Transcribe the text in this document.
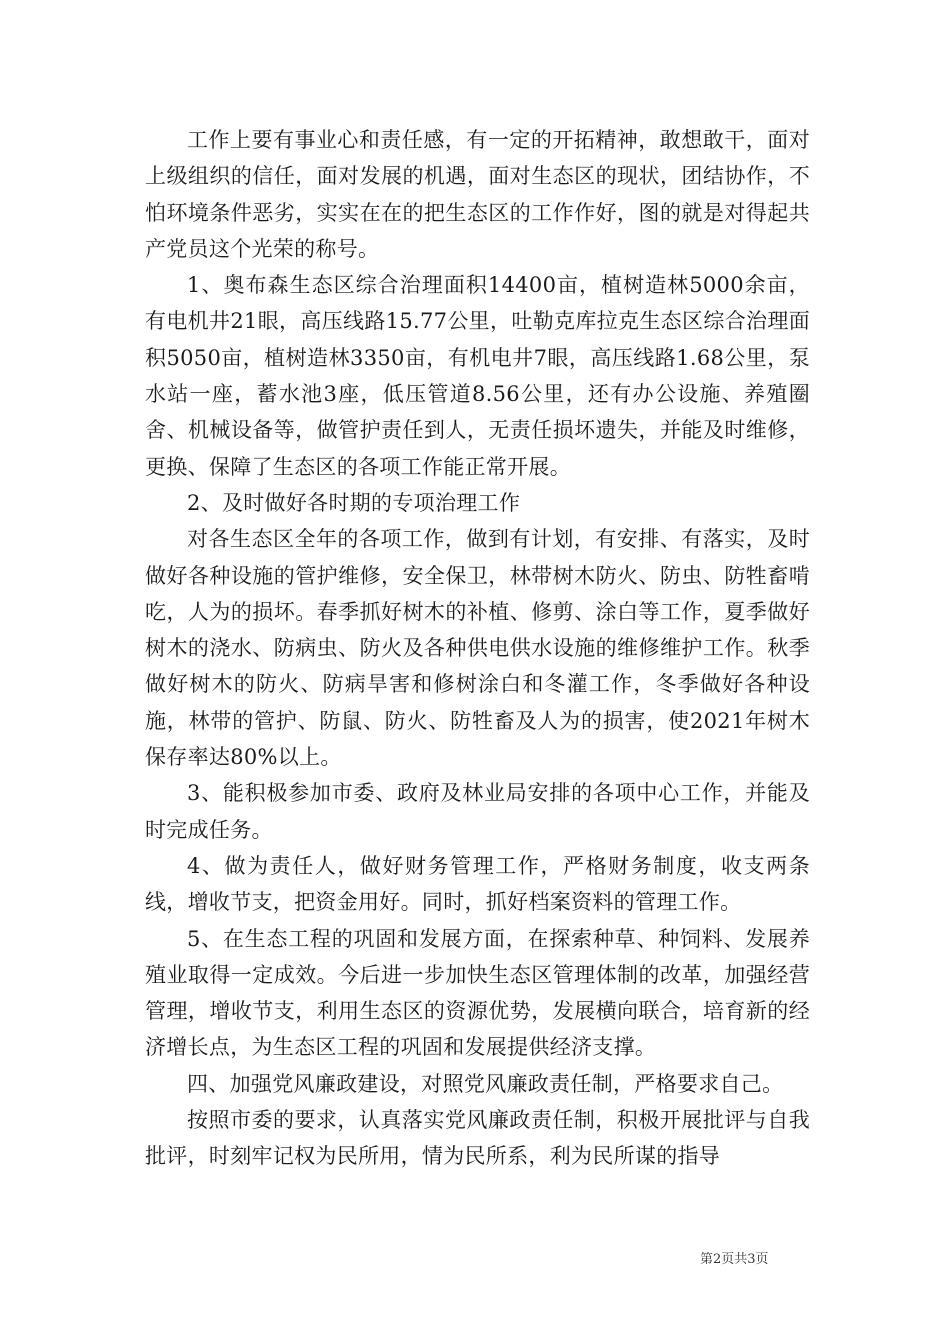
工作上要有事业心和责任感，有一定的开拓精神，敢想敢干，面对上级组织的信任，面对发展的机遇，面对生态区的现状，团结协作，不怕环境条件恶劣，实实在在的把生态区的工作作好，图的就是对得起共产党员这个光荣的称号。

1、奥布森生态区综合治理面积14400亩，植树造林5000余亩，有电机井21眼，高压线路15.77公里，吐勒克库拉克生态区综合治理面积5050亩，植树造林3350亩，有机电井7眼，高压线路1.68公里，泵水站一座，蓄水池3座，低压管道8.56公里，还有办公设施、养殖圈舍、机械设备等，做管护责任到人，无责任损坏遗失，并能及时维修，更换、保障了生态区的各项工作能正常开展。

2、及时做好各时期的专项治理工作

对各生态区全年的各项工作，做到有计划，有安排、有落实，及时做好各种设施的管护维修，安全保卫，林带树木防火、防虫、防牲畜啃吃，人为的损坏。春季抓好树木的补植、修剪、涂白等工作，夏季做好树木的浇水、防病虫、防火及各种供电供水设施的维修维护工作。秋季做好树木的防火、防病旱害和修树涂白和冬灌工作，冬季做好各种设施，林带的管护、防鼠、防火、防牲畜及人为的损害，使2021年树木保存率达80%以上。

3、能积极参加市委、政府及林业局安排的各项中心工作，并能及时完成任务。

4、做为责任人，做好财务管理工作，严格财务制度，收支两条线，增收节支，把资金用好。同时，抓好档案资料的管理工作。

5、在生态工程的巩固和发展方面，在探索种草、种饲料、发展养殖业取得一定成效。今后进一步加快生态区管理体制的改革，加强经营管理，增收节支，利用生态区的资源优势，发展横向联合，培育新的经济增长点，为生态区工程的巩固和发展提供经济支撑。

四、加强党风廉政建设，对照党风廉政责任制，严格要求自己。

按照市委的要求，认真落实党风廉政责任制，积极开展批评与自我批评，时刻牢记权为民所用，情为民所系，利为民所谋的指导

第2页共3页
